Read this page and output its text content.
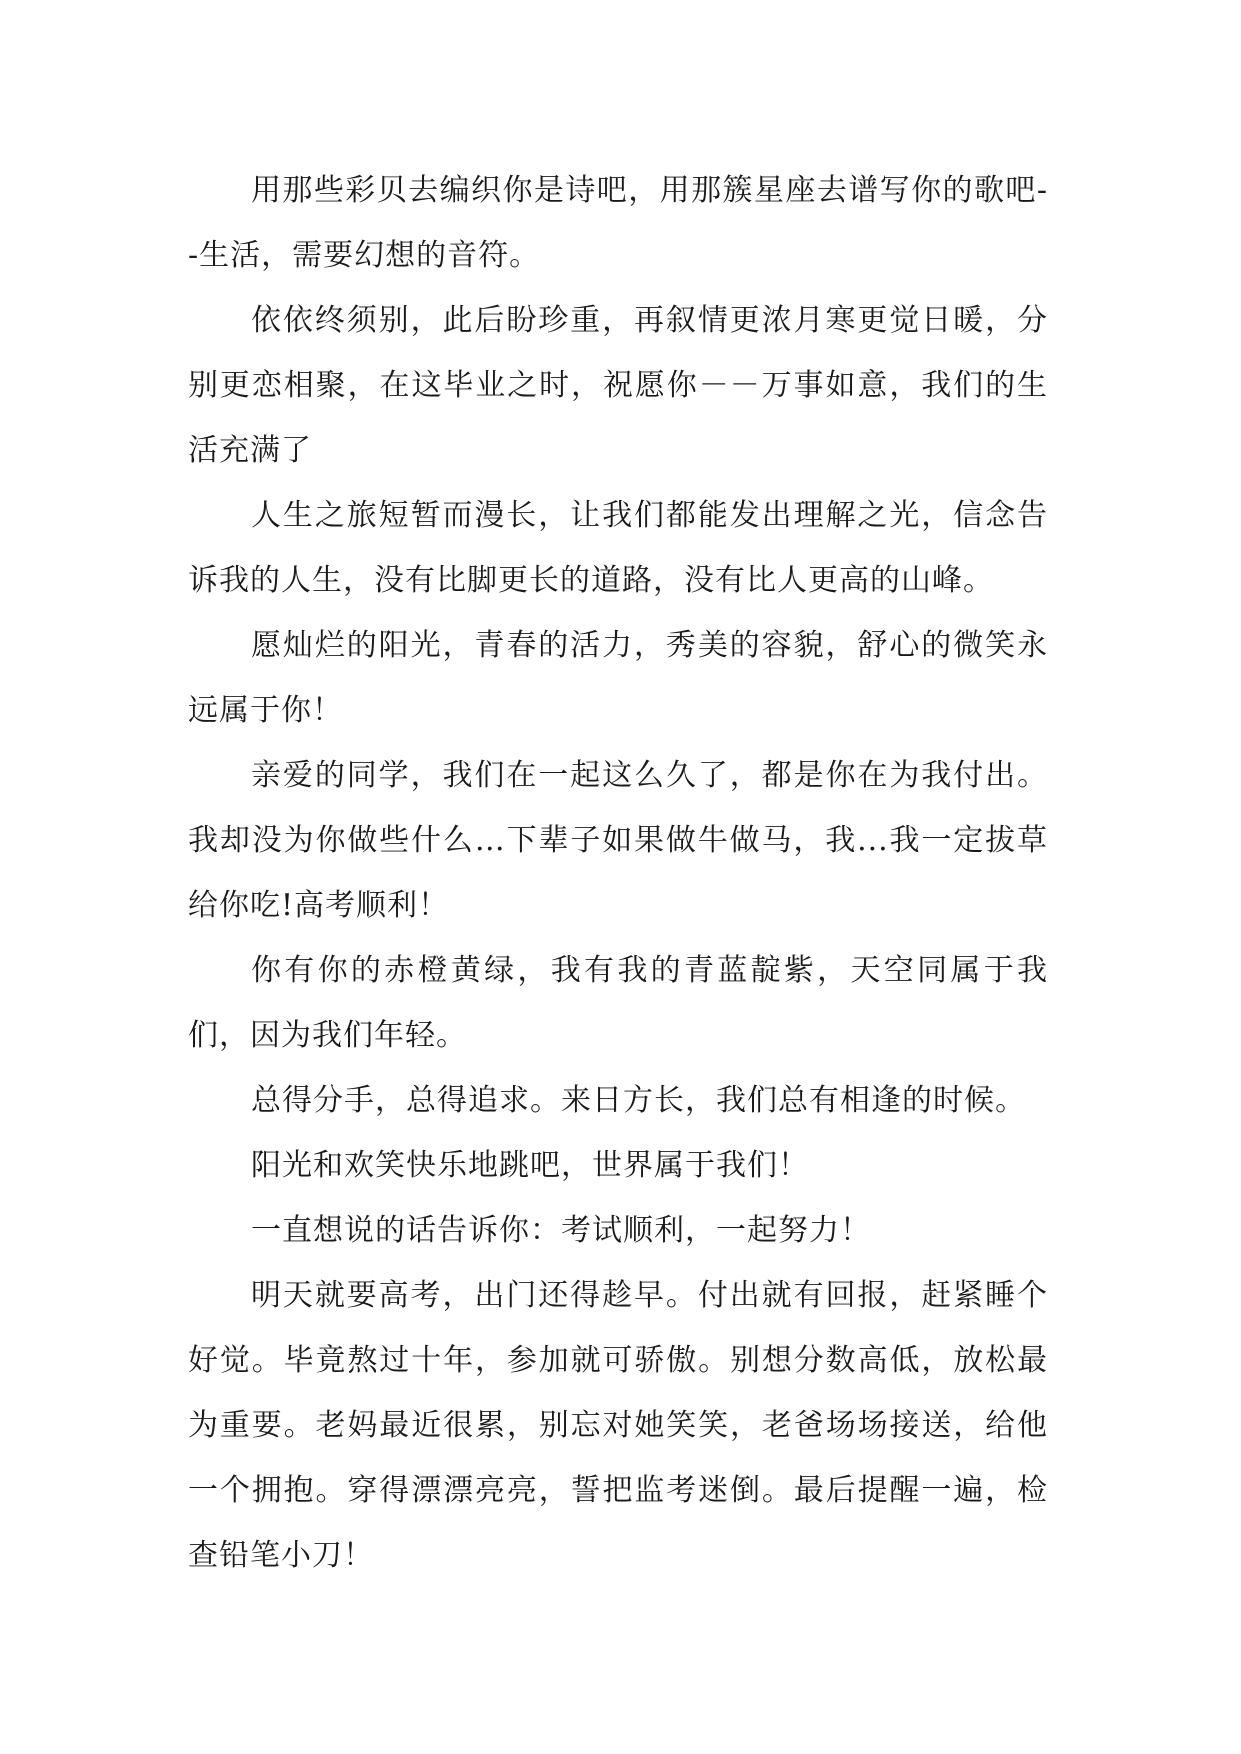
用那些彩贝去编织你是诗吧，用那簇星座去谱写你的歌吧--生活，需要幻想的音符。

依依终须别，此后盼珍重，再叙情更浓月寒更觉日暖，分别更恋相聚，在这毕业之时，祝愿你－－万事如意，我们的生活充满了

人生之旅短暂而漫长，让我们都能发出理解之光，信念告诉我的人生，没有比脚更长的道路，没有比人更高的山峰。

愿灿烂的阳光，青春的活力，秀美的容貌，舒心的微笑永远属于你！

亲爱的同学，我们在一起这么久了，都是你在为我付出。我却没为你做些什么…下辈子如果做牛做马，我...我一定拔草给你吃!高考顺利！

你有你的赤橙黄绿，我有我的青蓝靛紫，天空同属于我们，因为我们年轻。

总得分手，总得追求。来日方长，我们总有相逢的时候。

阳光和欢笑快乐地跳吧，世界属于我们！

一直想说的话告诉你：考试顺利，一起努力！

明天就要高考，出门还得趁早。付出就有回报，赶紧睡个好觉。毕竟熬过十年，参加就可骄傲。别想分数高低，放松最为重要。老妈最近很累，别忘对她笑笑，老爸场场接送，给他一个拥抱。穿得漂漂亮亮，誓把监考迷倒。最后提醒一遍，检查铅笔小刀！
